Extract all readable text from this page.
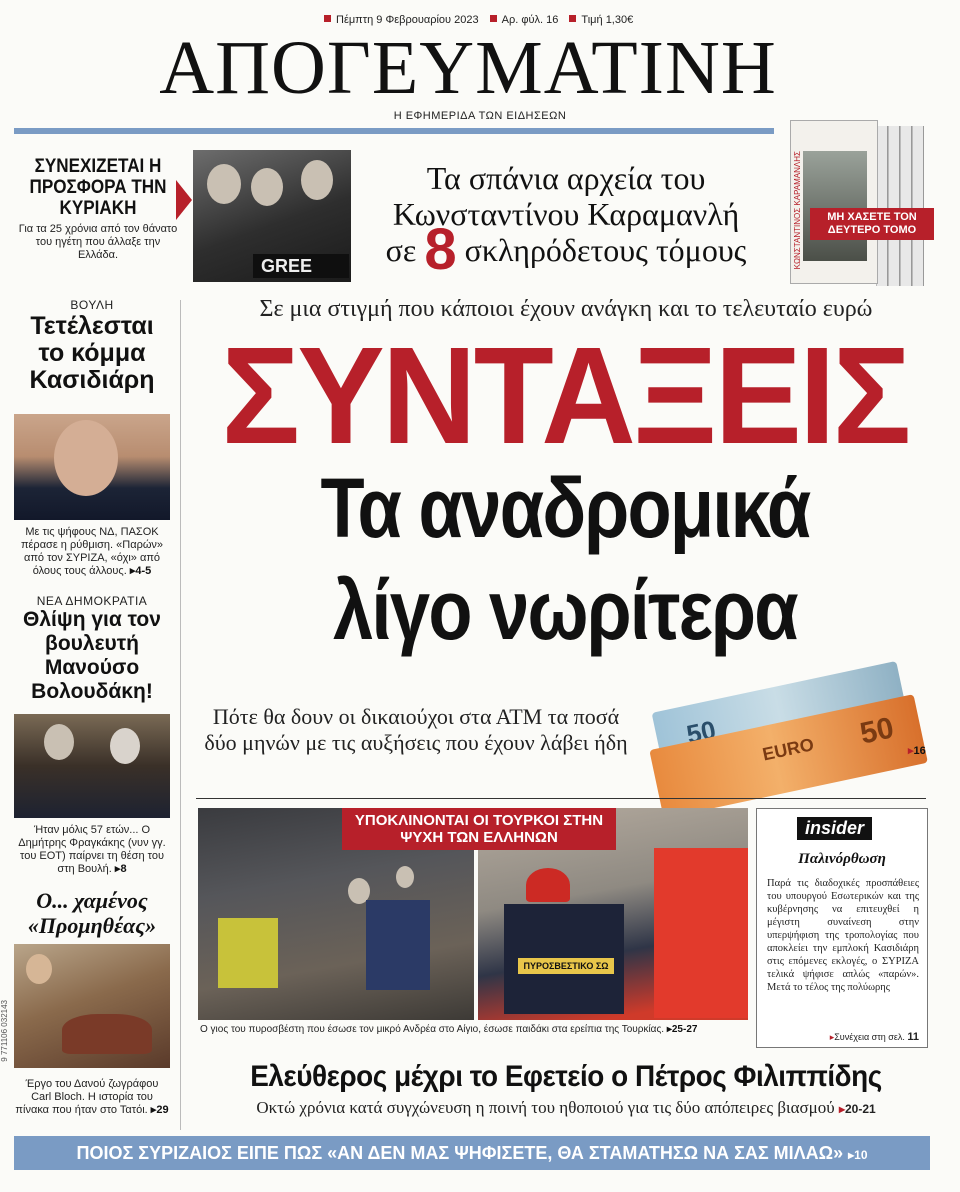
Πέμπτη 9 Φεβρουαρίου 2023 Αρ. φύλ. 16 Τιμή 1,30€
ΑΠΟΓΕΥΜΑΤΙΝΗ
Η ΕΦΗΜΕΡΙΔΑ ΤΩΝ ΕΙΔΗΣΕΩΝ
ΣΥΝΕΧΙΖΕΤΑΙ Η ΠΡΟΣΦΟΡΑ ΤΗΝ ΚΥΡΙΑΚΗ
Για τα 25 χρόνια από τον θάνατο του ηγέτη που άλλαξε την Ελλάδα.
GREE
Τα σπάνια αρχεία του
Κωνσταντίνου Καραμανλή
σε 8 σκληρόδετους τόμους	ΚΩΝΣΤΑΝΤΙΝΟΣ ΚΑΡΑΜΑΝΛΗΣ	ΜΗ ΧΑΣΕΤΕ ΤΟΝ
ΔΕΥΤΕΡΟ ΤΟΜΟ
ΒΟΥΛΗ
Τετέλεσται το κόμμα Κασιδιάρη
Με τις ψήφους ΝΔ, ΠΑΣΟΚ πέρασε η ρύθμιση. «Παρών» από τον ΣΥΡΙΖΑ, «όχι» από όλους τους άλλους. ▸4-5
ΝΕΑ ΔΗΜΟΚΡΑΤΙΑ
Θλίψη για τον βουλευτή Μανούσο Βολουδάκη!
Ήταν μόλις 57 ετών... Ο Δημήτρης Φραγκάκης (νυν γγ. του ΕΟΤ) παίρνει τη θέση του στη Βουλή. ▸8
Ο... χαμένος «Προμηθέας»
Έργο του Δανού ζωγράφου Carl Bloch. Η ιστορία του πίνακα που ήταν στο Τατόι. ▸29
Σε μια στιγμή που κάποιοι έχουν ανάγκη και το τελευταίο ευρώ
ΣΥΝΤΑΞΕΙΣ
Τα αναδρομικά
λίγο νωρίτερα
Πότε θα δουν οι δικαιούχοι στα ΑΤΜ τα ποσά δύο μηνών με τις αυξήσεις που έχουν λάβει ήδη	50 EURO 50
▸16
ΠΥΡΟΣΒΕΣΤΙΚΟ ΣΩ
ΥΠΟΚΛΙΝΟΝΤΑΙ ΟΙ ΤΟΥΡΚΟΙ ΣΤΗΝ ΨΥΧΗ ΤΩΝ ΕΛΛΗΝΩΝ
Ο γιος του πυροσβέστη που έσωσε τον μικρό Ανδρέα στο Αίγιο, έσωσε παιδάκι στα ερείπια της Τουρκίας. ▸25-27
insider
Παλινόρθωση
Παρά τις διαδοχικές προσπάθειες του υπουργού Εσωτερικών και της κυβέρνησης να επιτευχθεί η μέγιστη συναίνεση στην υπερψήφιση της τροπολογίας που αποκλείει την εμπλοκή Κασιδιάρη στις επόμενες εκλογές, ο ΣΥΡΙΖΑ τελικά ψήφισε απλώς «παρών». Μετά το τέλος της πολύωρης
▸Συνέχεια στη σελ. 11
Ελεύθερος μέχρι το Εφετείο ο Πέτρος Φιλιππίδης
Οκτώ χρόνια κατά συγχώνευση η ποινή του ηθοποιού για τις δύο απόπειρες βιασμού ▸20-21
ΠΟΙΟΣ ΣΥΡΙΖΑΙΟΣ ΕΙΠΕ ΠΩΣ «ΑΝ ΔΕΝ ΜΑΣ ΨΗΦΙΣΕΤΕ, ΘΑ ΣΤΑΜΑΤΗΣΩ ΝΑ ΣΑΣ ΜΙΛΑΩ» ▸10
9 771106 032143
